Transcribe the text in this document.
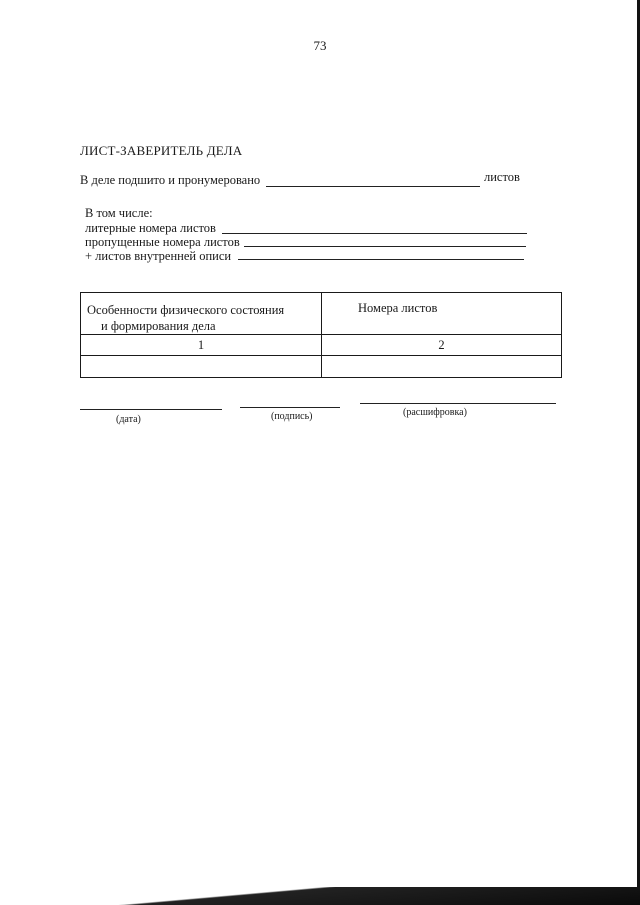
73
ЛИСТ-ЗАВЕРИТЕЛЬ ДЕЛА
В деле подшито и пронумеровано	листов
В том числе:
литерные номера листов
пропущенные номера листов
+ листов внутренней описи
Особенности физического состояния
и формирования дела	Номера листов

1	2

(дата)	(подпись)	(расшифровка)
